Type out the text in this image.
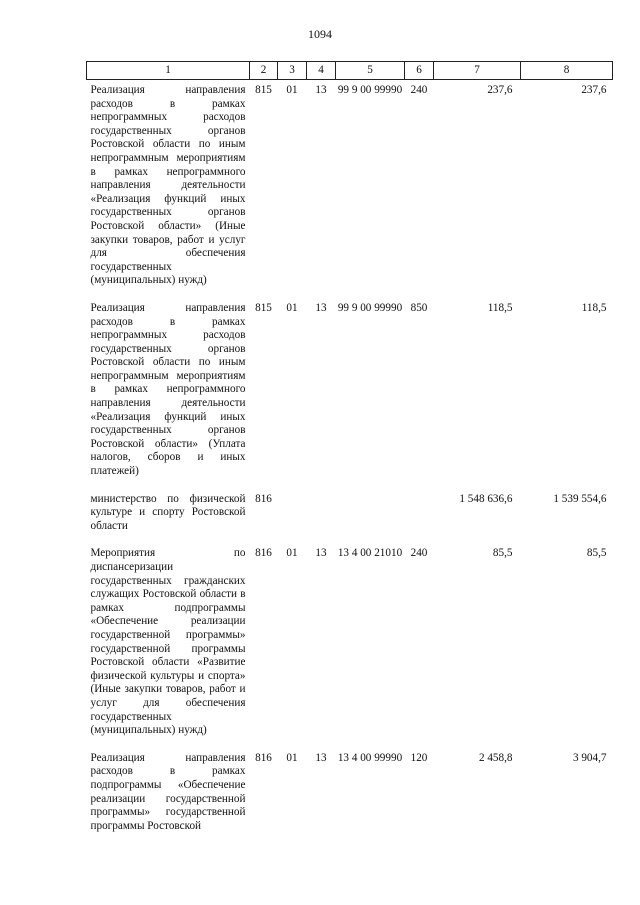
1094
1	2	3	4	5	6	7	8
Реализация направления расходов в рамках непрограммных расходов государственных органов Ростовской области по иным непрограммным мероприятиям в рамках непрограммного направления деятельности «Реализация функций иных государственных органов Ростовской области» (Иные закупки товаров, работ и услуг для обеспечения государственных (муниципальных) нужд)	815	01	13	99 9 00 99990	240	237,6	237,6
Реализация направления расходов в рамках непрограммных расходов государственных органов Ростовской области по иным непрограммным мероприятиям в рамках непрограммного направления деятельности «Реализация функций иных государственных органов Ростовской области» (Уплата налогов, сборов и иных платежей)	815	01	13	99 9 00 99990	850	118,5	118,5
министерство по физической культуре и спорту Ростовской области	816					1 548 636,6	1 539 554,6
Мероприятия по диспансеризации государственных гражданских служащих Ростовской области в рамках подпрограммы «Обеспечение реализации государственной программы» государственной программы Ростовской области «Развитие физической культуры и спорта» (Иные закупки товаров, работ и услуг для обеспечения государственных (муниципальных) нужд)	816	01	13	13 4 00 21010	240	85,5	85,5
Реализация направления расходов в рамках подпрограммы «Обеспечение реализации государственной программы» государственной программы Ростовской	816	01	13	13 4 00 99990	120	2 458,8	3 904,7
